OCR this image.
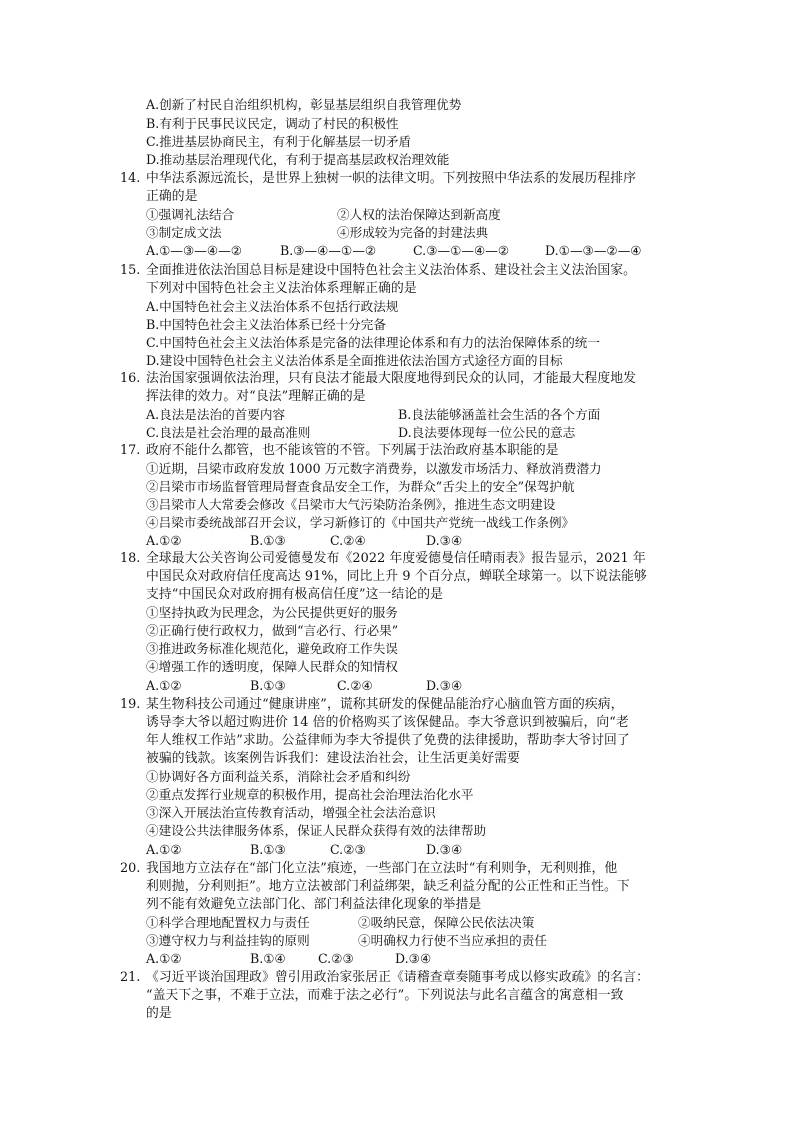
A.创新了村民自治组织机构，彰显基层组织自我管理优势
B.有利于民事民议民定，调动了村民的积极性
C.推进基层协商民主，有利于化解基层一切矛盾
D.推动基层治理现代化，有利于提高基层政权治理效能
14. 中华法系源远流长，是世界上独树一帜的法律文明。下列按照中华法系的发展历程排序
正确的是
①强调礼法结合	②人权的法治保障达到新高度
③制定成文法	④形成较为完备的封建法典
A.①—③—④—②	B.③—④—①—②	C.③—①—④—②	D.①—③—②—④
15. 全面推进依法治国总目标是建设中国特色社会主义法治体系、建设社会主义法治国家。
下列对中国特色社会主义法治体系理解正确的是
A.中国特色社会主义法治体系不包括行政法规
B.中国特色社会主义法治体系已经十分完备
C.中国特色社会主义法治体系是完备的法律理论体系和有力的法治保障体系的统一
D.建设中国特色社会主义法治体系是全面推进依法治国方式途径方面的目标
16. 法治国家强调依法治理，只有良法才能最大限度地得到民众的认同，才能最大程度地发
挥法律的效力。对“良法”理解正确的是
A.良法是法治的首要内容	B.良法能够涵盖社会生活的各个方面
C.良法是社会治理的最高准则	D.良法要体现每一位公民的意志
17. 政府不能什么都管，也不能该管的不管。下列属于法治政府基本职能的是
①近期，吕梁市政府发放 1000 万元数字消费券，以激发市场活力、释放消费潜力
②吕梁市市场监督管理局督查食品安全工作，为群众“舌尖上的安全”保驾护航
③吕梁市人大常委会修改《吕梁市大气污染防治条例》，推进生态文明建设
④吕梁市委统战部召开会议，学习新修订的《中国共产党统一战线工作条例》
A.①②	B.①③	C.②④	D.③④
18. 全球最大公关咨询公司爱德曼发布《2022 年度爱德曼信任晴雨表》报告显示，2021 年
中国民众对政府信任度高达 91%，同比上升 9 个百分点，蝉联全球第一。以下说法能够
支持“中国民众对政府拥有极高信任度”这一结论的是
①坚持执政为民理念，为公民提供更好的服务
②正确行使行政权力，做到“言必行、行必果”
③推进政务标准化规范化，避免政府工作失误
④增强工作的透明度，保障人民群众的知情权
A.①②	B.①③	C.②④	D.③④
19. 某生物科技公司通过“健康讲座”，谎称其研发的保健品能治疗心脑血管方面的疾病，
诱导李大爷以超过购进价 14 倍的价格购买了该保健品。李大爷意识到被骗后，向“老
年人维权工作站”求助。公益律师为李大爷提供了免费的法律援助，帮助李大爷讨回了
被骗的钱款。该案例告诉我们：建设法治社会，让生活更美好需要
①协调好各方面利益关系，消除社会矛盾和纠纷
②重点发挥行业规章的积极作用，提高社会治理法治化水平
③深入开展法治宣传教育活动，增强全社会法治意识
④建设公共法律服务体系，保证人民群众获得有效的法律帮助
A.①②	B.①③	C.②③	D.③④
20. 我国地方立法存在“部门化立法”痕迹，一些部门在立法时“有利则争，无利则推，他
利则抛，分利则拒”。地方立法被部门利益绑架，缺乏利益分配的公正性和正当性。下
列不能有效避免立法部门化、部门利益法律化现象的举措是
①科学合理地配置权力与责任	②吸纳民意，保障公民依法决策
③遵守权力与利益挂钩的原则	④明确权力行使不当应承担的责任
A.①②	B.①④	C.②③	D.③④
21. 《习近平谈治国理政》曾引用政治家张居正《请稽查章奏随事考成以修实政疏》的名言：
“盖天下之事，不难于立法，而难于法之必行”。下列说法与此名言蕴含的寓意相一致
的是
